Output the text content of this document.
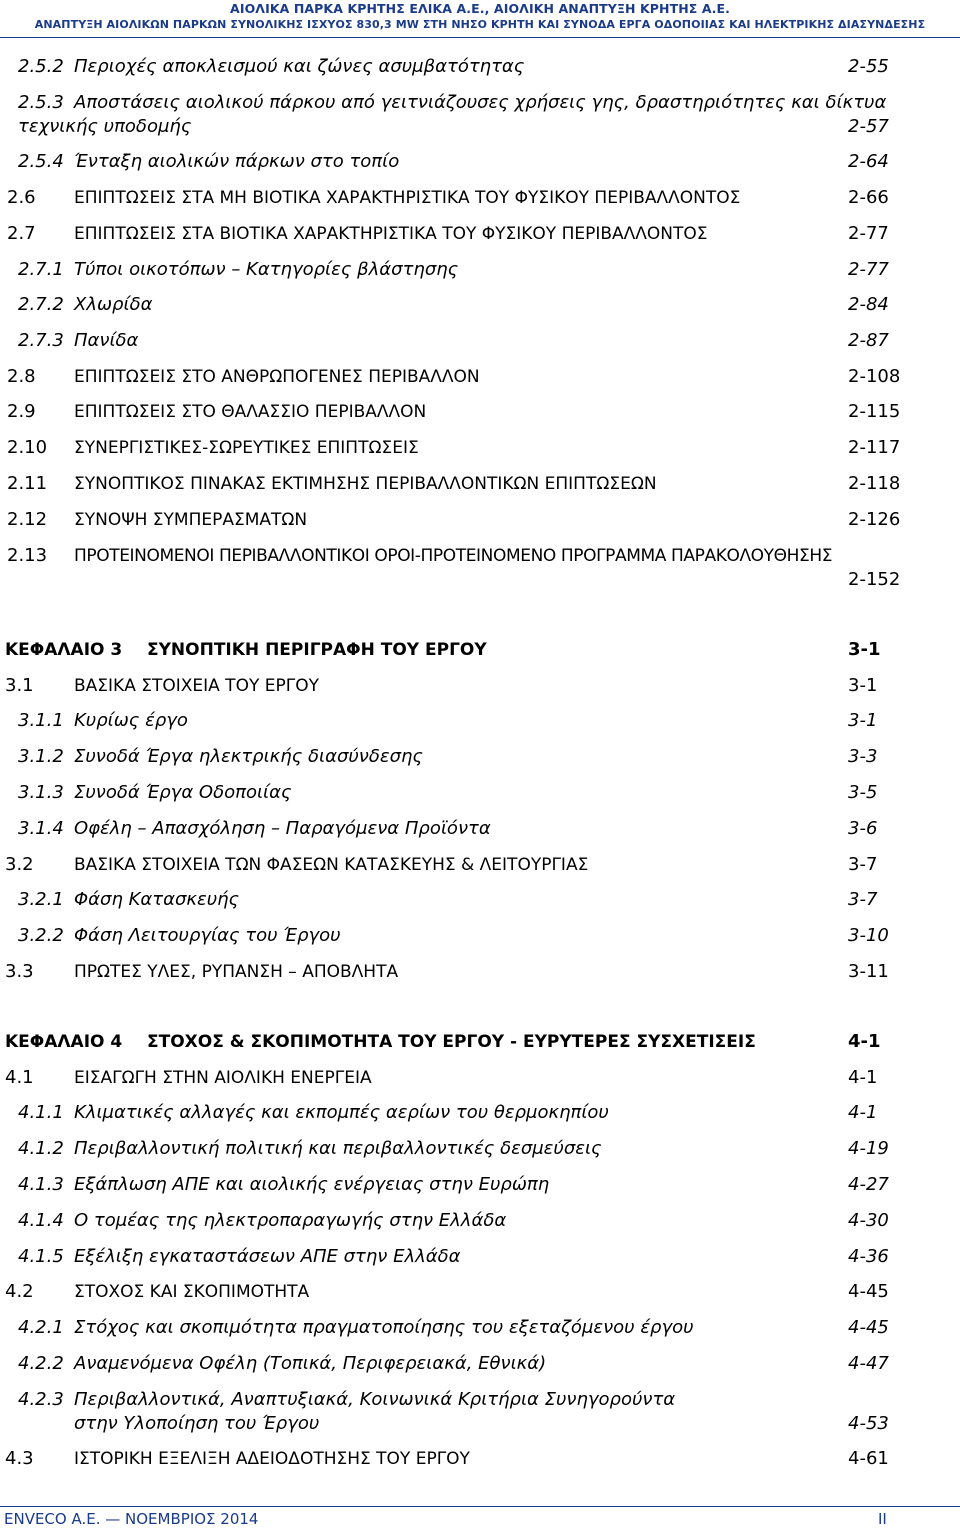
ΑΙΟΛΙΚΑ ΠΑΡΚΑ ΚΡΗΤΗΣ ΕΛΙΚΑ Α.Ε., ΑΙΟΛΙΚΗ ΑΝΑΠΤΥΞΗ ΚΡΗΤΗΣ Α.Ε.
ΑΝΑΠΤΥΞΗ ΑΙΟΛΙΚΩΝ ΠΑΡΚΩΝ ΣΥΝΟΛΙΚΗΣ ΙΣΧΥΟΣ 830,3 MW ΣΤΗ ΝΗΣΟ ΚΡΗΤΗ ΚΑΙ ΣΥΝΟΔΑ ΕΡΓΑ ΟΔΟΠΟΙΙΑΣ ΚΑΙ ΗΛΕΚΤΡΙΚΗΣ ΔΙΑΣΥΝΔΕΣΗΣ
2.5.2 Περιοχές αποκλεισμού και ζώνες ασυμβατότητας	2-55
2.5.3 Αποστάσεις αιολικού πάρκου από γειτνιάζουσες χρήσεις γης, δραστηριότητες και δίκτυα
τεχνικής υποδομής	2-57
2.5.4 Ένταξη αιολικών πάρκων στο τοπίο	2-64
2.6 ΕΠΙΠΤΩΣΕΙΣ ΣΤΑ ΜΗ ΒΙΟΤΙΚΑ ΧΑΡΑΚΤΗΡΙΣΤΙΚΑ ΤΟΥ ΦΥΣΙΚΟΥ ΠΕΡΙΒΑΛΛΟΝΤΟΣ	2-66
2.7 ΕΠΙΠΤΩΣΕΙΣ ΣΤΑ ΒΙΟΤΙΚΑ ΧΑΡΑΚΤΗΡΙΣΤΙΚΑ ΤΟΥ ΦΥΣΙΚΟΥ ΠΕΡΙΒΑΛΛΟΝΤΟΣ	2-77
2.7.1 Τύποι οικοτόπων – Κατηγορίες βλάστησης	2-77
2.7.2 Χλωρίδα	2-84
2.7.3 Πανίδα	2-87
2.8 ΕΠΙΠΤΩΣΕΙΣ ΣΤΟ ΑΝΘΡΩΠΟΓΕΝΕΣ ΠΕΡΙΒΑΛΛΟΝ	2-108
2.9 ΕΠΙΠΤΩΣΕΙΣ ΣΤΟ ΘΑΛΑΣΣΙΟ ΠΕΡΙΒΑΛΛΟΝ	2-115
2.10 ΣΥΝΕΡΓΙΣΤΙΚΕΣ-ΣΩΡΕΥΤΙΚΕΣ ΕΠΙΠΤΩΣΕΙΣ	2-117
2.11 ΣΥΝΟΠΤΙΚΟΣ ΠΙΝΑΚΑΣ ΕΚΤΙΜΗΣΗΣ ΠΕΡΙΒΑΛΛΟΝΤΙΚΩΝ ΕΠΙΠΤΩΣΕΩΝ	2-118
2.12 ΣΥΝΟΨΗ ΣΥΜΠΕΡΑΣΜΑΤΩΝ	2-126
2.13 ΠΡΟΤΕΙΝΟΜΕΝΟΙ ΠΕΡΙΒΑΛΛΟΝΤΙΚΟΙ ΟΡΟΙ-ΠΡΟΤΕΙΝΟΜΕΝΟ ΠΡΟΓΡΑΜΜΑ ΠΑΡΑΚΟΛΟΥΘΗΣΗΣ
2-152
ΚΕΦΑΛΑΙΟ 3 ΣΥΝΟΠΤΙΚΗ ΠΕΡΙΓΡΑΦΗ ΤΟΥ ΕΡΓΟΥ	3-1
3.1 ΒΑΣΙΚΑ ΣΤΟΙΧΕΙΑ ΤΟΥ ΕΡΓΟΥ	3-1
3.1.1 Κυρίως έργο	3-1
3.1.2 Συνοδά Έργα ηλεκτρικής διασύνδεσης	3-3
3.1.3 Συνοδά Έργα Οδοποιίας	3-5
3.1.4 Οφέλη – Απασχόληση – Παραγόμενα Προϊόντα	3-6
3.2 ΒΑΣΙΚΑ ΣΤΟΙΧΕΙΑ ΤΩΝ ΦΑΣΕΩΝ ΚΑΤΑΣΚΕΥΗΣ & ΛΕΙΤΟΥΡΓΙΑΣ	3-7
3.2.1 Φάση Κατασκευής	3-7
3.2.2 Φάση Λειτουργίας του Έργου	3-10
3.3 ΠΡΩΤΕΣ ΥΛΕΣ, ΡΥΠΑΝΣΗ – ΑΠΟΒΛΗΤΑ	3-11
ΚΕΦΑΛΑΙΟ 4 ΣΤΟΧΟΣ & ΣΚΟΠΙΜΟΤΗΤΑ ΤΟΥ ΕΡΓΟΥ - ΕΥΡΥΤΕΡΕΣ ΣΥΣΧΕΤΙΣΕΙΣ	4-1
4.1 ΕΙΣΑΓΩΓΗ ΣΤΗΝ ΑΙΟΛΙΚΗ ΕΝΕΡΓΕΙΑ	4-1
4.1.1 Κλιματικές αλλαγές και εκπομπές αερίων του θερμοκηπίου	4-1
4.1.2 Περιβαλλοντική πολιτική και περιβαλλοντικές δεσμεύσεις	4-19
4.1.3 Εξάπλωση ΑΠΕ και αιολικής ενέργειας στην Ευρώπη	4-27
4.1.4 Ο τομέας της ηλεκτροπαραγωγής στην Ελλάδα	4-30
4.1.5 Εξέλιξη εγκαταστάσεων ΑΠΕ στην Ελλάδα	4-36
4.2 ΣΤΟΧΟΣ ΚΑΙ ΣΚΟΠΙΜΟΤΗΤΑ	4-45
4.2.1 Στόχος και σκοπιμότητα πραγματοποίησης του εξεταζόμενου έργου	4-45
4.2.2 Αναμενόμενα Οφέλη (Τοπικά, Περιφερειακά, Εθνικά)	4-47
4.2.3 Περιβαλλοντικά, Αναπτυξιακά, Κοινωνικά Κριτήρια Συνηγορούντα
στην Υλοποίηση του Έργου	4-53
4.3 ΙΣΤΟΡΙΚΗ ΕΞΕΛΙΞΗ ΑΔΕΙΟΔΟΤΗΣΗΣ ΤΟΥ ΕΡΓΟΥ	4-61
ENVECO A.E. — ΝΟΕΜΒΡΙΟΣ 2014	II
